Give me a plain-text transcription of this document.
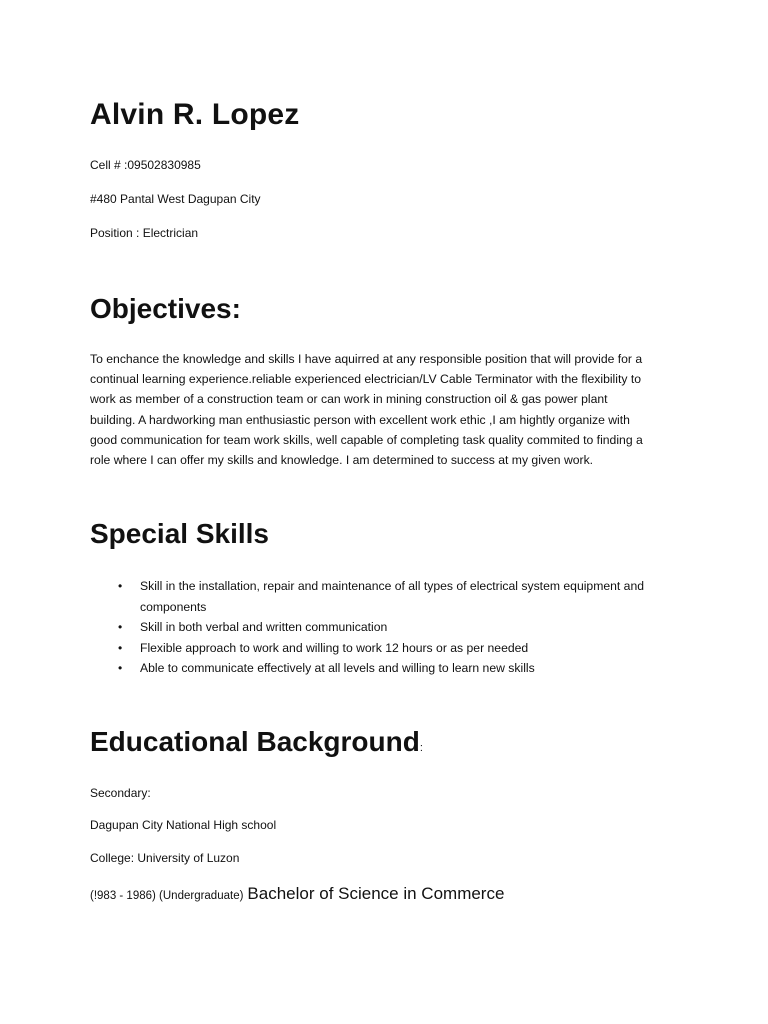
Alvin R. Lopez

Cell # :09502830985

#480 Pantal West Dagupan City

Position : Electrician

Objectives:
To enchance the knowledge and skills I have aquirred at any responsible position that will provide for a
continual learning experience.reliable experienced electrician/LV Cable Terminator with the flexibility to
work as member of a construction team or can work in mining construction oil & gas power plant
building. A hardworking man enthusiastic person with excellent work ethic ,I am hightly organize with
good communication for team work skills, well capable of completing task quality commited to finding a
role where I can offer my skills and knowledge. I am determined to success at my given work.
Special Skills
• Skill in the installation, repair and maintenance of all types of electrical system equipment and
components
• Skill in both verbal and written communication
• Flexible approach to work and willing to work 12 hours or as per needed
• Able to communicate effectively at all levels and willing to learn new skills
Educational Background:

Secondary:

Dagupan City National High school

College: University of Luzon

(!983 - 1986) (Undergraduate) Bachelor of Science in Commerce
